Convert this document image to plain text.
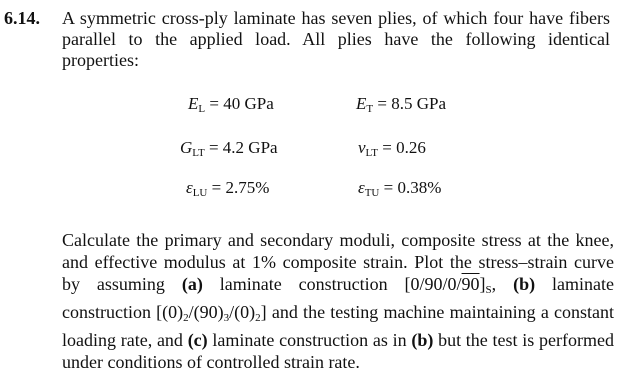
6.14. A symmetric cross-ply laminate has seven plies, of which four have fibers parallel to the applied load. All plies have the following identical properties:
$E_L = 40$ GPa	$E_T = 8.5$ GPa
$G_{LT} = 4.2$ GPa	$\nu_{LT} = 0.26$
$\varepsilon_{LU} = 2.75\%$	$\varepsilon_{TU} = 0.38\%$
Calculate the primary and secondary moduli, composite stress at the knee, and effective modulus at 1% composite strain. Plot the stress–strain curve by assuming (a) laminate construction [0/90/0/90]S, (b) laminate construction [(0)2/(90)3/(0)2] and the testing machine maintaining a constant loading rate, and (c) laminate construction as in (b) but the test is performed under conditions of controlled strain rate.
